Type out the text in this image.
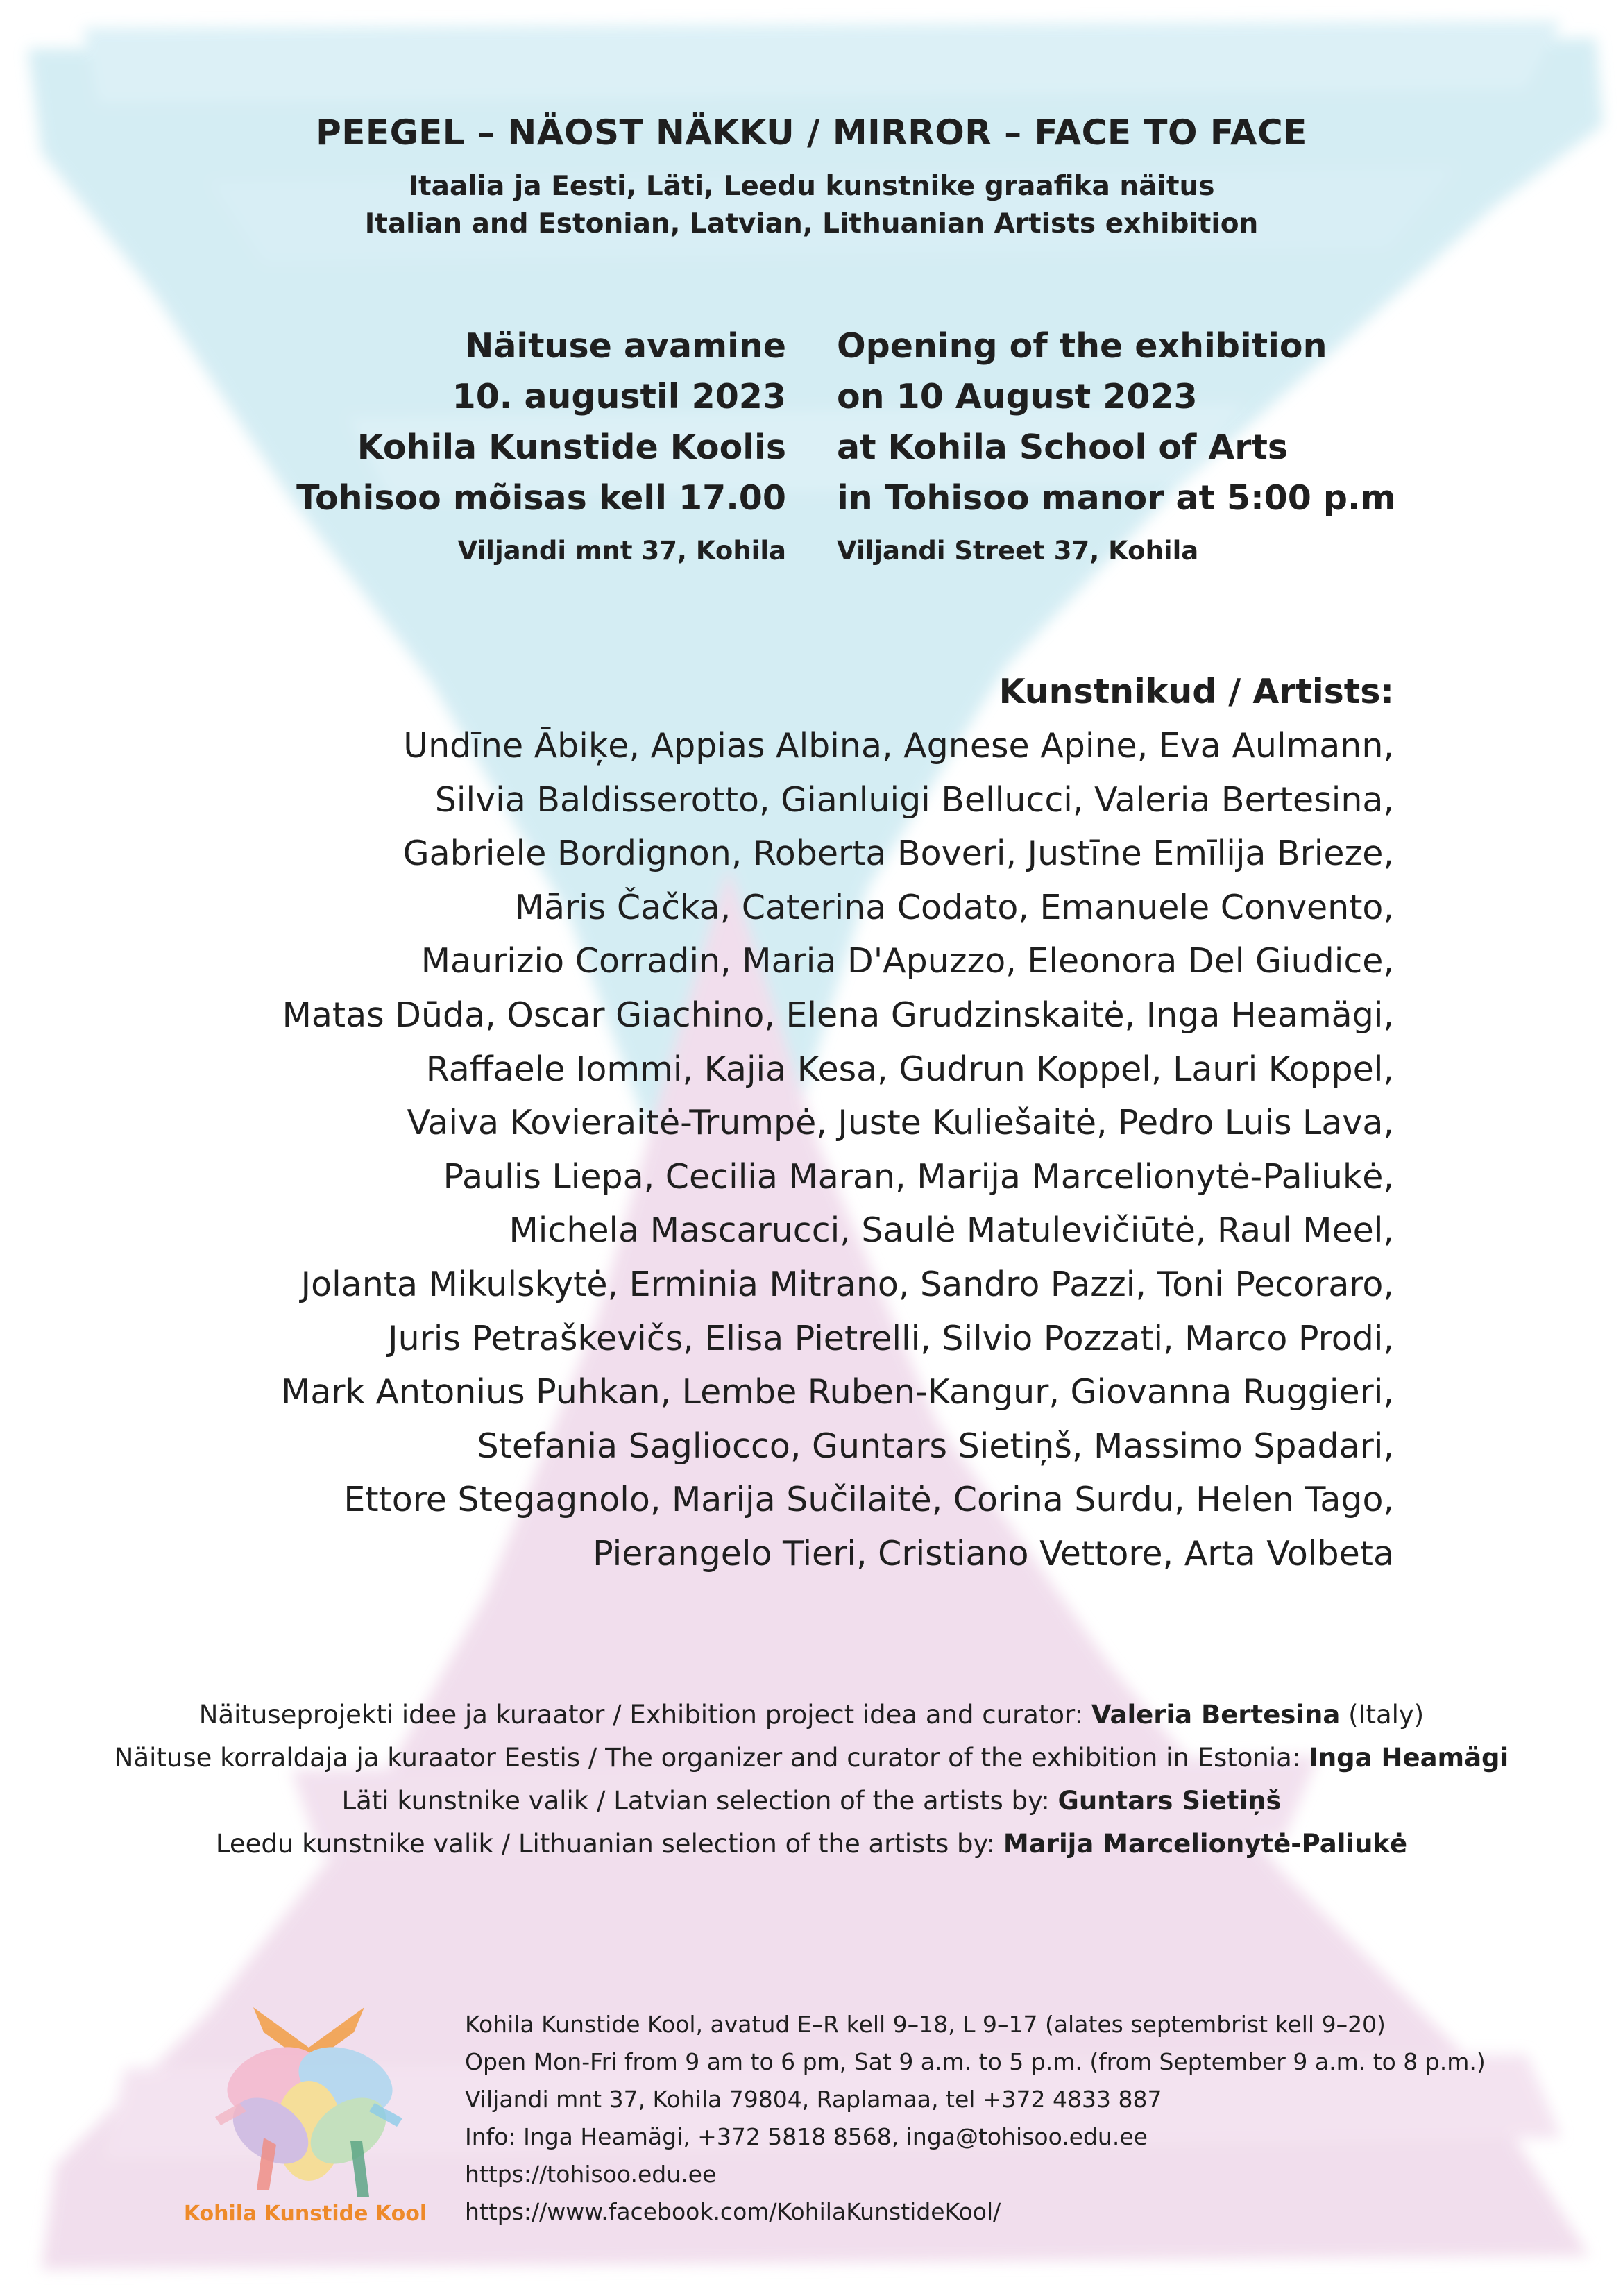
PEEGEL – NÄOST NÄKKU / MIRROR – FACE TO FACE

Itaalia ja Eesti, Läti, Leedu kunstnike graafika näitus

Italian and Estonian, Latvian, Lithuanian Artists exhibition

Näituse avamine
10. augustil 2023
Kohila Kunstide Koolis
Tohisoo mõisas kell 17.00
Viljandi mnt 37, Kohila
Opening of the exhibition
on 10 August 2023
at Kohila School of Arts
in Tohisoo manor at 5:00 p.m
Viljandi Street 37, Kohila
Kunstnikud / Artists:
Undīne Ābiķe, Appias Albina, Agnese Apine, Eva Aulmann,
Silvia Baldisserotto, Gianluigi Bellucci, Valeria Bertesina,
Gabriele Bordignon, Roberta Boveri, Justīne Emīlija Brieze,
Māris Čačka, Caterina Codato, Emanuele Convento,
Maurizio Corradin, Maria D'Apuzzo, Eleonora Del Giudice,
Matas Dūda, Oscar Giachino, Elena Grudzinskaitė, Inga Heamägi,
Raffaele Iommi, Kajia Kesa, Gudrun Koppel, Lauri Koppel,
Vaiva Kovieraitė-Trumpė, Juste Kuliešaitė, Pedro Luis Lava,
Paulis Liepa, Cecilia Maran, Marija Marcelionytė-Paliukė,
Michela Mascarucci, Saulė Matulevičiūtė, Raul Meel,
Jolanta Mikulskytė, Erminia Mitrano, Sandro Pazzi, Toni Pecoraro,
Juris Petraškevičs, Elisa Pietrelli, Silvio Pozzati, Marco Prodi,
Mark Antonius Puhkan, Lembe Ruben-Kangur, Giovanna Ruggieri,
Stefania Sagliocco, Guntars Sietiņš, Massimo Spadari,
Ettore Stegagnolo, Marija Sučilaitė, Corina Surdu, Helen Tago,
Pierangelo Tieri, Cristiano Vettore, Arta Volbeta
Näituseprojekti idee ja kuraator / Exhibition project idea and curator: Valeria Bertesina (Italy)
Näituse korraldaja ja kuraator Eestis / The organizer and curator of the exhibition in Estonia: Inga Heamägi
Läti kunstnike valik / Latvian selection of the artists by: Guntars Sietiņš
Leedu kunstnike valik / Lithuanian selection of the artists by: Marija Marcelionytė-Paliukė
Kohila Kunstide Kool
Kohila Kunstide Kool, avatud E–R kell 9–18, L 9–17 (alates septembrist kell 9–20)
Open Mon-Fri from 9 am to 6 pm, Sat 9 a.m. to 5 p.m. (from September 9 a.m. to 8 p.m.)
Viljandi mnt 37, Kohila 79804, Raplamaa, tel +372 4833 887
Info: Inga Heamägi, +372 5818 8568, inga@tohisoo.edu.ee
https://tohisoo.edu.ee
https://www.facebook.com/KohilaKunstideKool/
